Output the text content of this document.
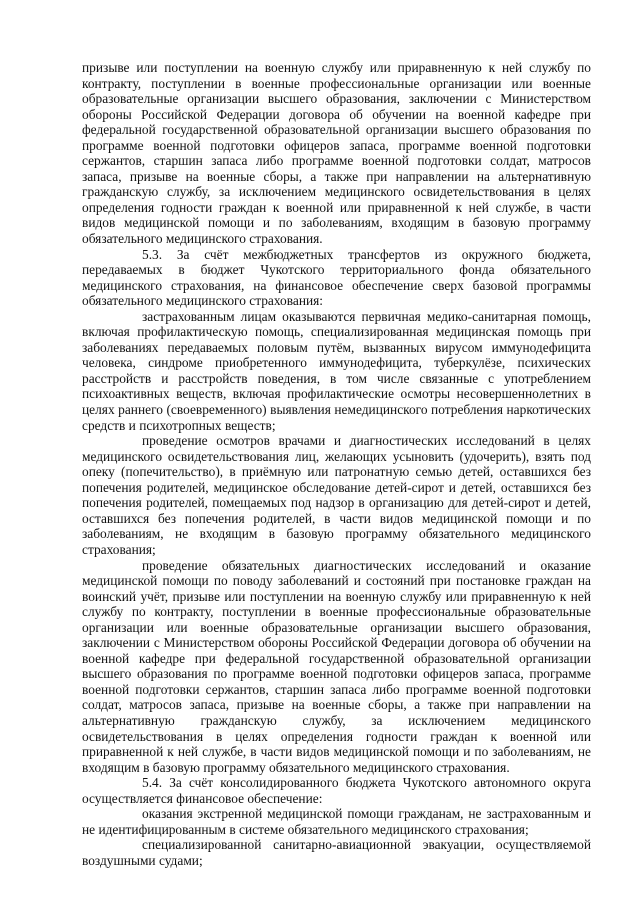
призыве или поступлении на военную службу или приравненную к ней службу по контракту, поступлении в военные профессиональные организации или военные образовательные организации высшего образования, заключении с Министерством обороны Российской Федерации договора об обучении на военной кафедре при федеральной государственной образовательной организации высшего образования по программе военной подготовки офицеров запаса, программе военной подготовки сержантов, старшин запаса либо программе военной подготовки солдат, матросов запаса, призыве на военные сборы, а также при направлении на альтернативную гражданскую службу, за исключением медицинского освидетельствования в целях определения годности граждан к военной или приравненной к ней службе, в части видов медицинской помощи и по заболеваниям, входящим в базовую программу обязательного медицинского страхования.

5.3. За счёт межбюджетных трансфертов из окружного бюджета, передаваемых в бюджет Чукотского территориального фонда обязательного медицинского страхования, на финансовое обеспечение сверх базовой программы обязательного медицинского страхования:

застрахованным лицам оказываются первичная медико-санитарная помощь, включая профилактическую помощь, специализированная медицинская помощь при заболеваниях передаваемых половым путём, вызванных вирусом иммунодефицита человека, синдроме приобретенного иммунодефицита, туберкулёзе, психических расстройств и расстройств поведения, в том числе связанные с употреблением психоактивных веществ, включая профилактические осмотры несовершеннолетних в целях раннего (своевременного) выявления немедицинского потребления наркотических средств и психотропных веществ;

проведение осмотров врачами и диагностических исследований в целях медицинского освидетельствования лиц, желающих усыновить (удочерить), взять под опеку (попечительство), в приёмную или патронатную семью детей, оставшихся без попечения родителей, медицинское обследование детей-сирот и детей, оставшихся без попечения родителей, помещаемых под надзор в организацию для детей-сирот и детей, оставшихся без попечения родителей, в части видов медицинской помощи и по заболеваниям, не входящим в базовую программу обязательного медицинского страхования;

проведение обязательных диагностических исследований и оказание медицинской помощи по поводу заболеваний и состояний при постановке граждан на воинский учёт, призыве или поступлении на военную службу или приравненную к ней службу по контракту, поступлении в военные профессиональные образовательные организации или военные образовательные организации высшего образования, заключении с Министерством обороны Российской Федерации договора об обучении на военной кафедре при федеральной государственной образовательной организации высшего образования по программе военной подготовки офицеров запаса, программе военной подготовки сержантов, старшин запаса либо программе военной подготовки солдат, матросов запаса, призыве на военные сборы, а также при направлении на альтернативную гражданскую службу, за исключением медицинского освидетельствования в целях определения годности граждан к военной или приравненной к ней службе, в части видов медицинской помощи и по заболеваниям, не входящим в базовую программу обязательного медицинского страхования.

5.4. За счёт консолидированного бюджета Чукотского автономного округа осуществляется финансовое обеспечение:

оказания экстренной медицинской помощи гражданам, не застрахованным и не идентифицированным в системе обязательного медицинского страхования;

специализированной санитарно-авиационной эвакуации, осуществляемой воздушными судами;
